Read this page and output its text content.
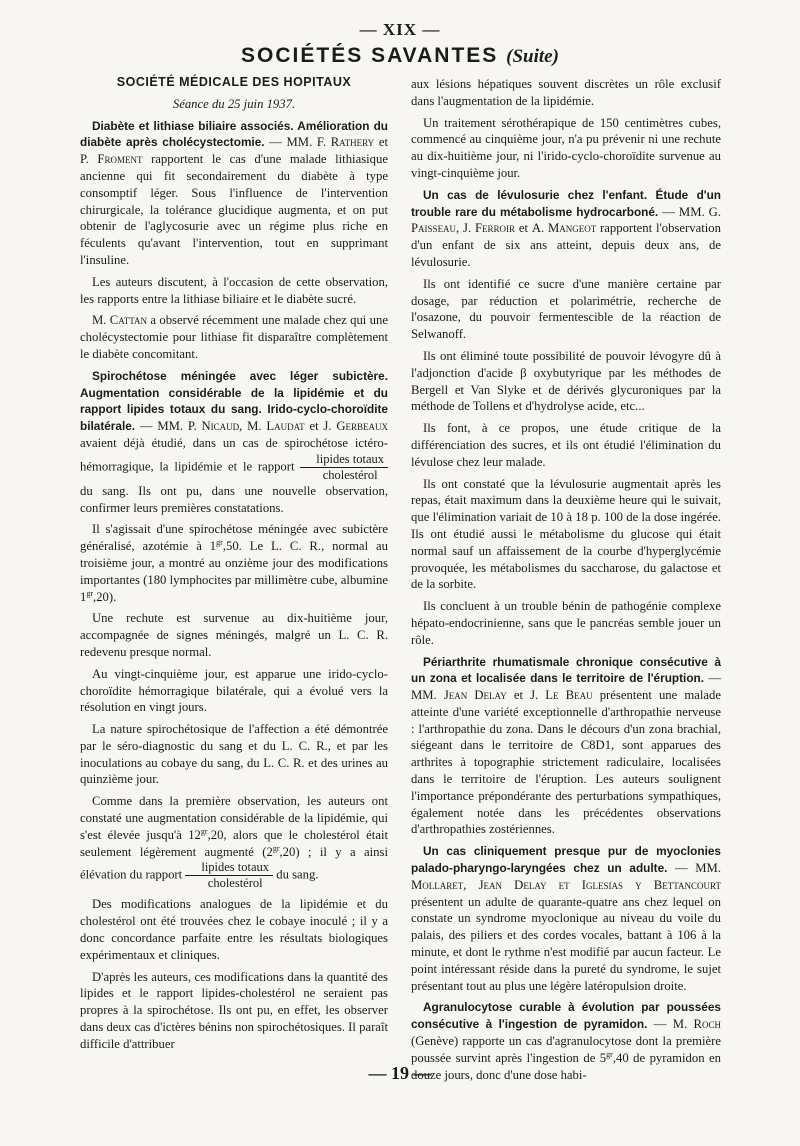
— XIX —
SOCIÉTÉS SAVANTES (Suite)

SOCIÉTÉ MÉDICALE DES HOPITAUX

Séance du 25 juin 1937.

Diabète et lithiase biliaire associés. Amélioration du diabète après cholécystectomie. — MM. F. Rathery et P. Froment rapportent le cas d'une malade lithiasique ancienne qui fit secondairement du diabète à type consomptif léger. Sous l'influence de l'intervention chirurgicale, la tolérance glucidique augmenta, et on put obtenir de l'aglycosurie avec un régime plus riche en féculents qu'avant l'intervention, tout en supprimant l'insuline.

Les auteurs discutent, à l'occasion de cette observation, les rapports entre la lithiase biliaire et le diabète sucré.

M. Cattan a observé récemment une malade chez qui une cholécystectomie pour lithiase fit disparaître complètement le diabète concomitant.

Spirochétose méningée avec léger subictère. Augmentation considérable de la lipidémie et du rapport lipides totaux du sang. Irido-cyclo-choroïdite bilatérale. — MM. P. Nicaud, M. Laudat et J. Gerbeaux avaient déjà étudié, dans un cas de spirochétose ictéro-hémorragique, la lipidémie et le rapport $\frac{\text{lipides totaux}}{\text{cholestérol}}$
du sang. Ils ont pu, dans une nouvelle observation, confirmer leurs premières constatations.

Il s'agissait d'une spirochétose méningée avec subictère généralisé, azotémie à $1^{gr},50$. Le L. C. R., normal au troisième jour, a montré au onzième jour des modifications importantes (180 lymphocites par millimètre cube, albumine $1^{gr},20$).

Une rechute est survenue au dix-huitième jour, accompagnée de signes méningés, malgré un L. C. R. redevenu presque normal.

Au vingt-cinquième jour, est apparue une irido-cyclo-choroïdite hémorragique bilatérale, qui a évolué vers la résolution en vingt jours.

La nature spirochétosique de l'affection a été démontrée par le séro-diagnostic du sang et du L. C. R., et par les inoculations au cobaye du sang, du L. C. R. et des urines au quinzième jour.

Comme dans la première observation, les auteurs ont constaté une augmentation considérable de la lipidémie, qui s'est élevée jusqu'à $12^{gr},20$, alors que le cholestérol était seulement légèrement augmenté $(2^{gr},20)$ ; il y a ainsi élévation du rapport $\frac{\text{lipides totaux}}{\text{cholestérol}}$ du sang.

Des modifications analogues de la lipidémie et du cholestérol ont été trouvées chez le cobaye inoculé ; il y a donc concordance parfaite entre les résultats biologiques expérimentaux et cliniques.

D'après les auteurs, ces modifications dans la quantité des lipides et le rapport lipides-cholestérol ne seraient pas propres à la spirochétose. Ils ont pu, en effet, les observer dans deux cas d'ictères bénins non spirochétosiques. Il paraît difficile d'attribuer

aux lésions hépatiques souvent discrètes un rôle exclusif dans l'augmentation de la lipidémie.

Un traitement sérothérapique de 150 centimètres cubes, commencé au cinquième jour, n'a pu prévenir ni une rechute au dix-huitième jour, ni l'irido-cyclo-choroïdite survenue au vingt-cinquième jour.

Un cas de lévulosurie chez l'enfant. Étude d'un trouble rare du métabolisme hydrocarboné. — MM. G. Paisseau, J. Ferroir et A. Mangeot rapportent l'observation d'un enfant de six ans atteint, depuis deux ans, de lévulosurie.

Ils ont identifié ce sucre d'une manière certaine par dosage, par réduction et polarimétrie, recherche de l'osazone, du pouvoir fermentescible de la réaction de Selwanoff.

Ils ont éliminé toute possibilité de pouvoir lévogyre dû à l'adjonction d'acide β oxybutyrique par les méthodes de Bergell et Van Slyke et de dérivés glycuroniques par la méthode de Tollens et d'hydrolyse acide, etc...

Ils font, à ce propos, une étude critique de la différenciation des sucres, et ils ont étudié l'élimination du lévulose chez leur malade.

Ils ont constaté que la lévulosurie augmentait après les repas, était maximum dans la deuxième heure qui le suivait, que l'élimination variait de 10 à 18 p. 100 de la dose ingérée. Ils ont étudié aussi le métabolisme du glucose qui était normal sauf un affaissement de la courbe d'hyperglycémie provoquée, les métabolismes du saccharose, du galactose et de la sorbite.

Ils concluent à un trouble bénin de pathogénie complexe hépato-endocrinienne, sans que le pancréas semble jouer un rôle.

Périarthrite rhumatismale chronique consécutive à un zona et localisée dans le territoire de l'éruption. — MM. Jean Delay et J. Le Beau présentent une malade atteinte d'une variété exceptionnelle d'arthropathie nerveuse : l'arthropathie du zona. Dans le décours d'un zona brachial, siégeant dans le territoire de C8D1, sont apparues des arthrites à topographie strictement radiculaire, localisées dans le territoire de l'éruption. Les auteurs soulignent l'importance prépondérante des perturbations sympathiques, également notée dans les précédentes observations d'arthropathies zostériennes.

Un cas cliniquement presque pur de myoclonies palado-pharyngo-laryngées chez un adulte. — MM. Mollaret, Jean Delay et Iglesias y Bettancourt présentent un adulte de quarante-quatre ans chez lequel on constate un syndrome myoclonique au niveau du voile du palais, des piliers et des cordes vocales, battant à 106 à la minute, et dont le rythme n'est modifié par aucun facteur. Le point intéressant réside dans la pureté du syndrome, le sujet présentant tout au plus une légère latéropulsion droite.

Agranulocytose curable à évolution par poussées consécutive à l'ingestion de pyramidon. — M. Roch (Genève) rapporte un cas d'agranulocytose dont la première poussée survint après l'ingestion de $5^{gr},40$ de pyramidon en douze jours, donc d'une dose habi-

— 19 —
